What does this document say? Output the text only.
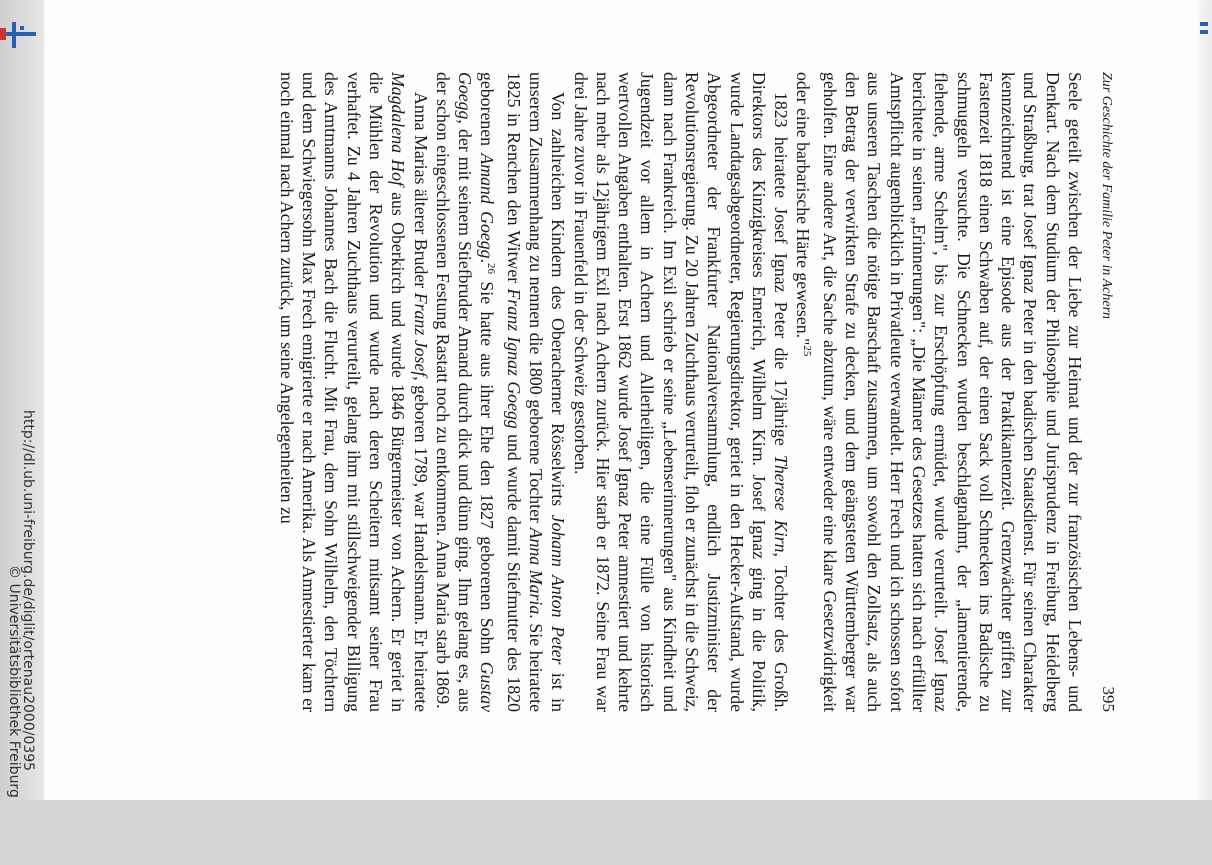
Zur Geschichte der Familie Peter in Achern
395

Seele geteilt zwischen der Liebe zur Heimat und der zur französischen Lebens- und Denkart. Nach dem Studium der Philosophie und Jurisprudenz in Freiburg, Heidelberg und Straßburg, trat Josef Ignaz Peter in den badischen Staatsdienst. Für seinen Charakter kennzeichnend ist eine Episode aus der Praktikantenzeit. Grenzwächter griffen zur Fastenzeit 1818 einen Schwaben auf, der einen Sack voll Schnecken ins Badische zu schmuggeln versuchte. Die Schnecken wurden beschlagnahmt, der „lamentierende, flehende, arme Schelm", bis zur Erschöpfung ermüdet, wurde verurteilt. Josef Ignaz berichtete in seinen „Erinnerungen": „Die Männer des Gesetzes hatten sich nach erfüllter Amtspflicht augenblicklich in Privatleute verwandelt. Herr Frech und ich schossen sofort aus unseren Taschen die nötige Barschaft zusammen, um sowohl den Zollsatz, als auch den Betrag der verwirkten Strafe zu decken, und dem geängsteten Württemberger war geholfen. Eine andere Art, die Sache abzutun, wäre entweder eine klare Gesetzwidrigkeit oder eine barbarische Härte gewesen."$^{25}$

1823 heiratete Josef Ignaz Peter die 17jährige Therese Kirn, Tochter des Großh. Direktors des Kinzigkreises Emerich, Wilhelm Kirn. Josef Ignaz ging in die Politik, wurde Landtagsabgeordneter, Regierungsdirektor, geriet in den Hecker-Aufstand, wurde Abgeordneter der Frankfurter Nationalversammlung, endlich Justizminister der Revolutionsregierung. Zu 20 Jahren Zuchthaus verurteilt, floh er zunächst in die Schweiz, dann nach Frankreich. Im Exil schrieb er seine „Lebenserinnerungen" aus Kindheit und Jugendzeit vor allem in Achern und Allerheiligen, die eine Fülle von historisch wertvollen Angaben enthalten. Erst 1862 wurde Josef Ignaz Peter amnestiert und kehrte nach mehr als 12jährigem Exil nach Achern zurück. Hier starb er 1872. Seine Frau war drei Jahre zuvor in Frauenfeld in der Schweiz gestorben.

Von zahlreichen Kindern des Oberacherner Rösselwirts Johann Anton Peter ist in unserem Zusammenhang zu nennen die 1800 geborene Tochter Anna Maria. Sie heiratete 1825 in Renchen den Witwer Franz Ignaz Goegg und wurde damit Stiefmutter des 1820 geborenen Amand Goegg.$^{26}$ Sie hatte aus ihrer Ehe den 1827 geborenen Sohn Gustav Goegg, der mit seinem Stiefbruder Amand durch dick und dünn ging. Ihm gelang es, aus der schon eingeschlossenen Festung Rastatt noch zu entkommen. Anna Maria starb 1869.

Anna Marias älterer Bruder Franz Josef, geboren 1789, war Handelsmann. Er heiratete Magdalena Hof aus Oberkirch und wurde 1846 Bürgermeister von Achern. Er geriet in die Mühlen der Revolution und wurde nach deren Scheitern mitsamt seiner Frau verhaftet. Zu 4 Jahren Zuchthaus verurteilt, gelang ihm mit stillschweigender Billigung des Amtmanns Johannes Bach die Flucht. Mit Frau, dem Sohn Wilhelm, den Töchtern und dem Schwiegersohn Max Frech emigrierte er nach Amerika. Als Amnestierter kam er noch einmal nach Achern zurück, um seine Angelegenheiten zu

http://dl.ub.uni-freiburg.de/diglit/ortenau2000/0395
© Universitätsbibliothek Freiburg
